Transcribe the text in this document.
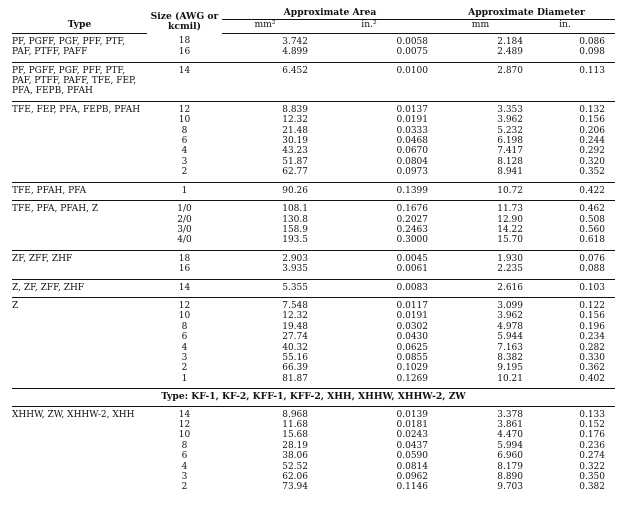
	Size (AWG or kcmil)	Approximate Area		Approximate Diameter	
Type		mm²	in.²	mm	in.
PF, PGFF, PGF, PFF, PTF, PAF, PTFF, PAFF	18	3.742	0.0058	2.184	0.086
	16	4.899	0.0075	2.489	0.098
PF, PGFF, PGF, PFF, PTF, PAF, PTFF, PAFF, TFE, FEP, PFA, FEPB, PFAH	14	6.452	0.0100	2.870	0.113
TFE, FEP, PFA, FEPB, PFAH	12	8.839	0.0137	3.353	0.132
	10	12.32	0.0191	3.962	0.156
	8	21.48	0.0333	5.232	0.206
	6	30.19	0.0468	6.198	0.244
	4	43.23	0.0670	7.417	0.292
	3	51.87	0.0804	8.128	0.320
	2	62.77	0.0973	8.941	0.352
TFE, PFAH, PFA	1	90.26	0.1399	10.72	0.422
TFE, PFA, PFAH, Z	1/0	108.1	0.1676	11.73	0.462
	2/0	130.8	0.2027	12.90	0.508
	3/0	158.9	0.2463	14.22	0.560
	4/0	193.5	0.3000	15.70	0.618
ZF, ZFF, ZHF	18	2.903	0.0045	1.930	0.076
	16	3.935	0.0061	2.235	0.088
Z, ZF, ZFF, ZHF	14	5.355	0.0083	2.616	0.103
Z	12	7.548	0.0117	3.099	0.122
	10	12.32	0.0191	3.962	0.156
	8	19.48	0.0302	4.978	0.196
	6	27.74	0.0430	5.944	0.234
	4	40.32	0.0625	7.163	0.282
	3	55.16	0.0855	8.382	0.330
	2	66.39	0.1029	9.195	0.362
	1	81.87	0.1269	10.21	0.402
Type: KF-1, KF-2, KFF-1, KFF-2, XHH, XHHW, XHHW-2, ZW					
XHHW, ZW, XHHW-2, XHH	14	8.968	0.0139	3.378	0.133
	12	11.68	0.0181	3.861	0.152
	10	15.68	0.0243	4.470	0.176
	8	28.19	0.0437	5.994	0.236
	6	38.06	0.0590	6.960	0.274
	4	52.52	0.0814	8.179	0.322
	3	62.06	0.0962	8.890	0.350
	2	73.94	0.1146	9.703	0.382
